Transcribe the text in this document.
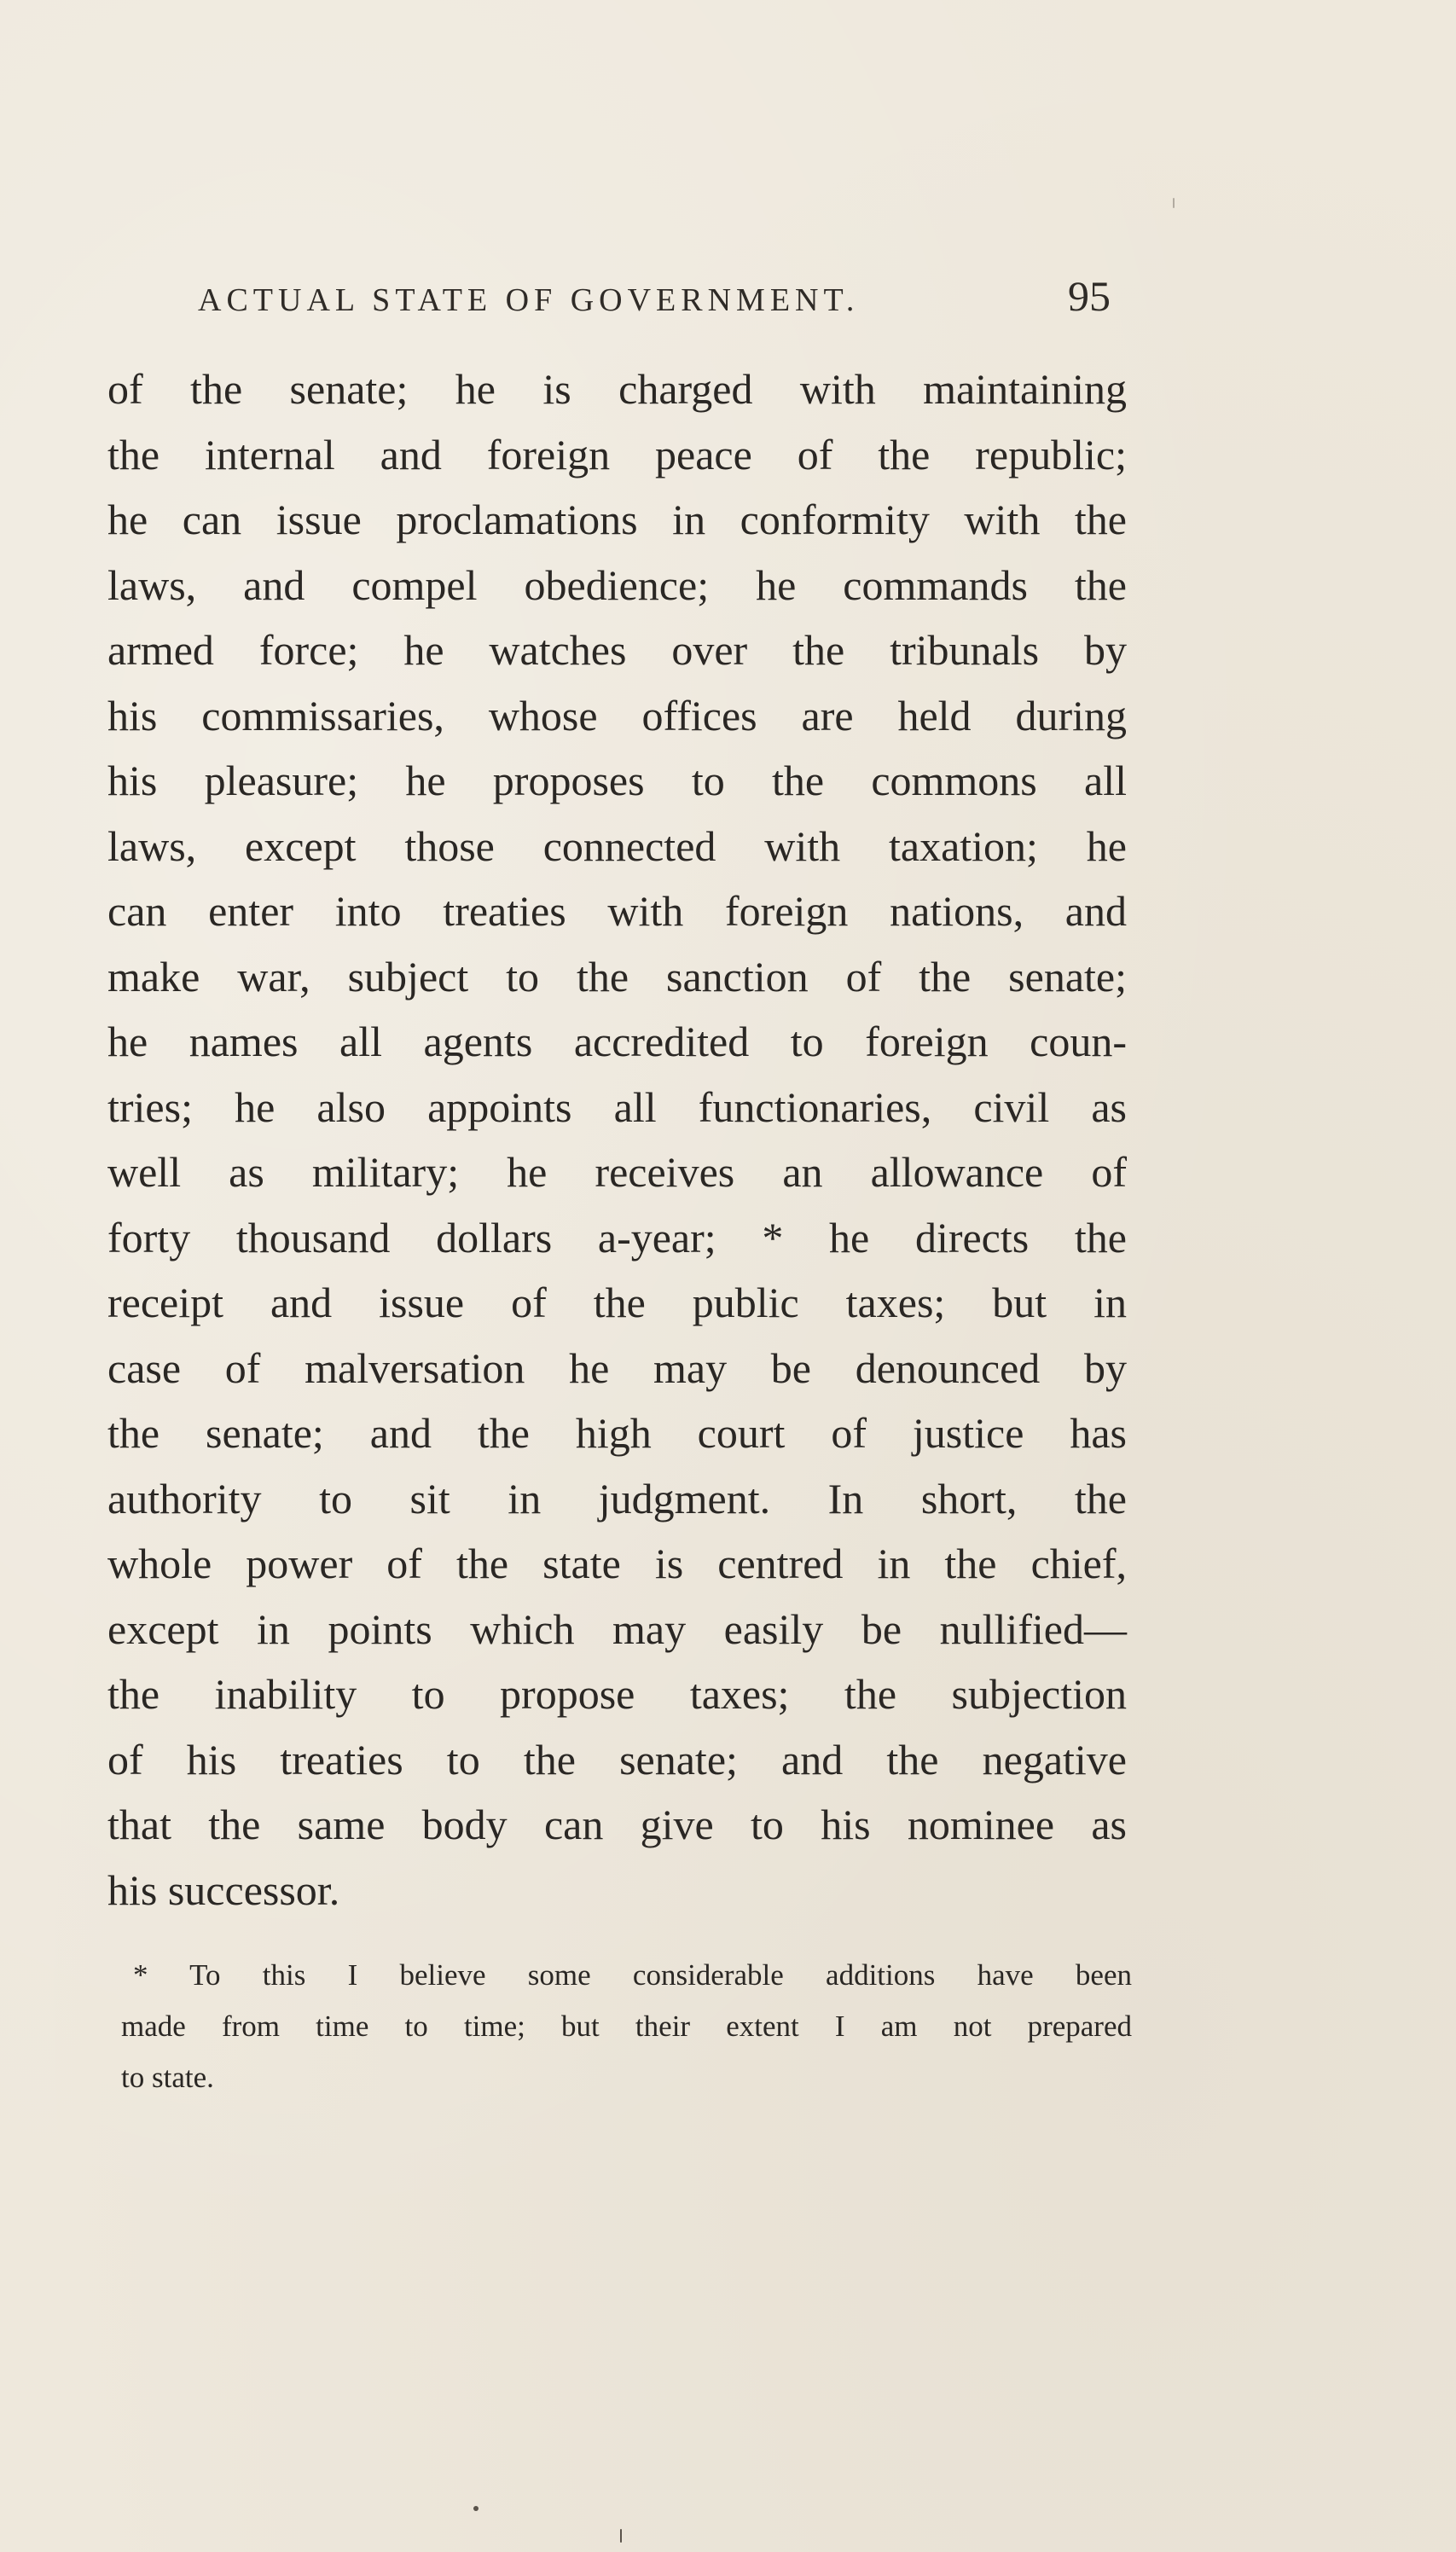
ACTUAL STATE OF GOVERNMENT.	95
of the senate; he is charged with maintaining
the internal and foreign peace of the republic;
he can issue proclamations in conformity with the
laws, and compel obedience; he commands the
armed force; he watches over the tribunals by
his commissaries, whose offices are held during
his pleasure; he proposes to the commons all
laws, except those connected with taxation; he
can enter into treaties with foreign nations, and
make war, subject to the sanction of the senate;
he names all agents accredited to foreign coun-
tries; he also appoints all functionaries, civil as
well as military; he receives an allowance of
forty thousand dollars a-year; * he directs the
receipt and issue of the public taxes; but in
case of malversation he may be denounced by
the senate; and the high court of justice has
authority to sit in judgment. In short, the
whole power of the state is centred in the chief,
except in points which may easily be nullified—
the inability to propose taxes; the subjection
of his treaties to the senate; and the negative
that the same body can give to his nominee as
his successor.
* To this I believe some considerable additions have been
made from time to time; but their extent I am not prepared
to state.
